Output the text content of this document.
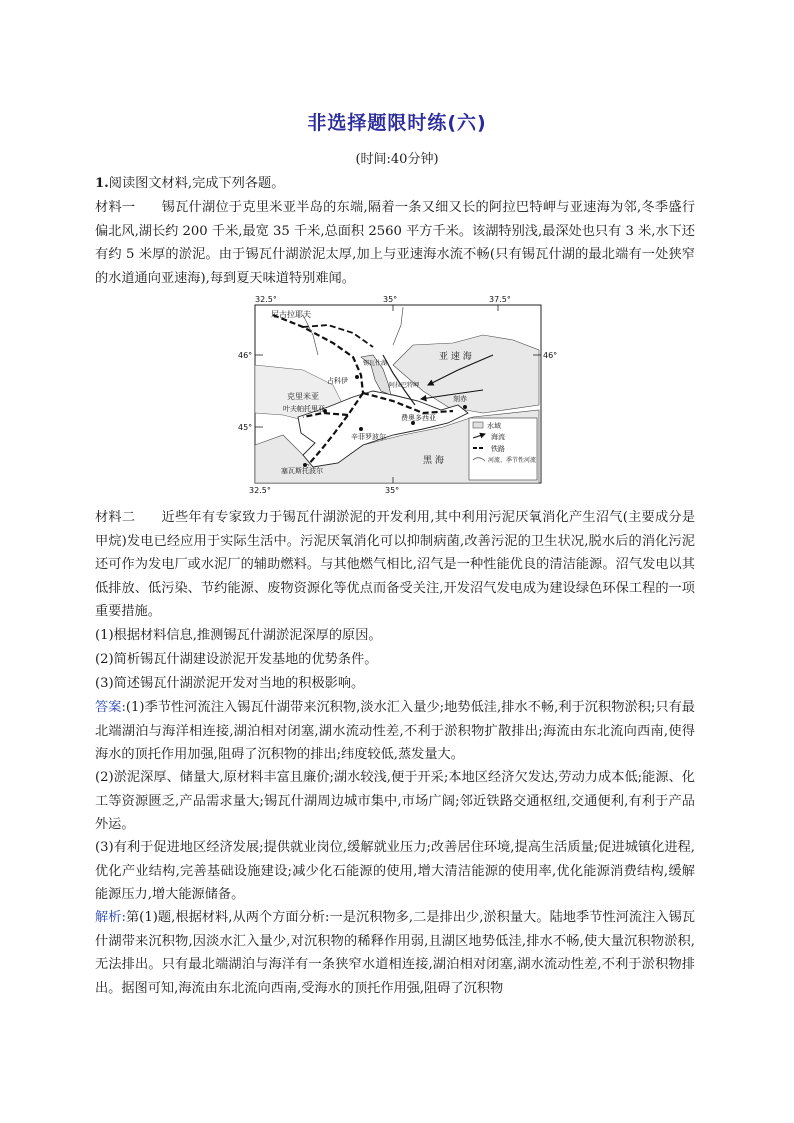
非选择题限时练(六)
(时间:40分钟)
1.阅读图文材料,完成下列各题。
材料一 锡瓦什湖位于克里米亚半岛的东端,隔着一条又细又长的阿拉巴特岬与亚速海为邻,冬季盛行偏北风,湖长约 200 千米,最宽 35 千米,总面积 2560 平方千米。该湖特别浅,最深处也只有 3 米,水下还有约 5 米厚的淤泥。由于锡瓦什湖淤泥太厚,加上与亚速海水流不畅(只有锡瓦什湖的最北端有一处狭窄的水道通向亚速海),每到夏天味道特别难闻。
32.5°	35°	37.5°
32.5°	35°
46°
45°
46°
尼古拉耶夫
亚 速 海
黑 海
克里米亚
叶夫帕托里亚
占科伊
费奥多西亚
辛菲罗波尔
塞瓦斯托波尔
刻赤
锡瓦什湖
阿拉巴特岬
水域
海流
铁路
河流、季节性河流
材料二 近些年有专家致力于锡瓦什湖淤泥的开发利用,其中利用污泥厌氧消化产生沼气(主要成分是甲烷)发电已经应用于实际生活中。污泥厌氧消化可以抑制病菌,改善污泥的卫生状况,脱水后的消化污泥还可作为发电厂或水泥厂的辅助燃料。与其他燃气相比,沼气是一种性能优良的清洁能源。沼气发电以其低排放、低污染、节约能源、废物资源化等优点而备受关注,开发沼气发电成为建设绿色环保工程的一项重要措施。
(1)根据材料信息,推测锡瓦什湖淤泥深厚的原因。
(2)简析锡瓦什湖建设淤泥开发基地的优势条件。
(3)简述锡瓦什湖淤泥开发对当地的积极影响。
答案:(1)季节性河流注入锡瓦什湖带来沉积物,淡水汇入量少;地势低洼,排水不畅,利于沉积物淤积;只有最北端湖泊与海洋相连接,湖泊相对闭塞,湖水流动性差,不利于淤积物扩散排出;海流由东北流向西南,使得海水的顶托作用加强,阻碍了沉积物的排出;纬度较低,蒸发量大。
(2)淤泥深厚、储量大,原材料丰富且廉价;湖水较浅,便于开采;本地区经济欠发达,劳动力成本低;能源、化工等资源匮乏,产品需求量大;锡瓦什湖周边城市集中,市场广阔;邻近铁路交通枢纽,交通便利,有利于产品外运。
(3)有利于促进地区经济发展;提供就业岗位,缓解就业压力;改善居住环境,提高生活质量;促进城镇化进程,优化产业结构,完善基础设施建设;减少化石能源的使用,增大清洁能源的使用率,优化能源消费结构,缓解能源压力,增大能源储备。
解析:第(1)题,根据材料,从两个方面分析:一是沉积物多,二是排出少,淤积量大。陆地季节性河流注入锡瓦什湖带来沉积物,因淡水汇入量少,对沉积物的稀释作用弱,且湖区地势低洼,排水不畅,使大量沉积物淤积,无法排出。只有最北端湖泊与海洋有一条狭窄水道相连接,湖泊相对闭塞,湖水流动性差,不利于淤积物排出。据图可知,海流由东北流向西南,受海水的顶托作用强,阻碍了沉积物
